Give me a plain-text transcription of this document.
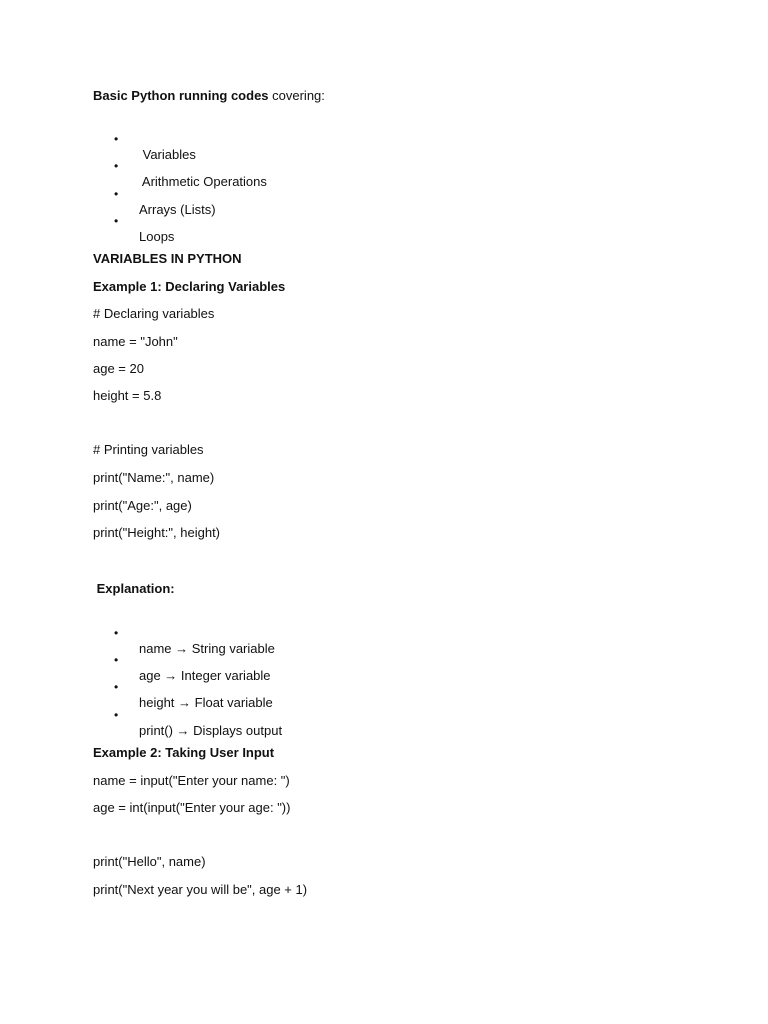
Basic Python running codes covering:

•

Variables

•

Arithmetic Operations

•

Arrays (Lists)

•

Loops

VARIABLES IN PYTHON
Example 1: Declaring Variables
# Declaring variables
name = "John"
age = 20
height = 5.8
# Printing variables
print("Name:", name)
print("Age:", age)
print("Height:", height)
Explanation:

•

name → String variable

•

age → Integer variable

•

height → Float variable

•

print() → Displays output

Example 2: Taking User Input
name = input("Enter your name: ")
age = int(input("Enter your age: "))
print("Hello", name)
print("Next year you will be", age + 1)
